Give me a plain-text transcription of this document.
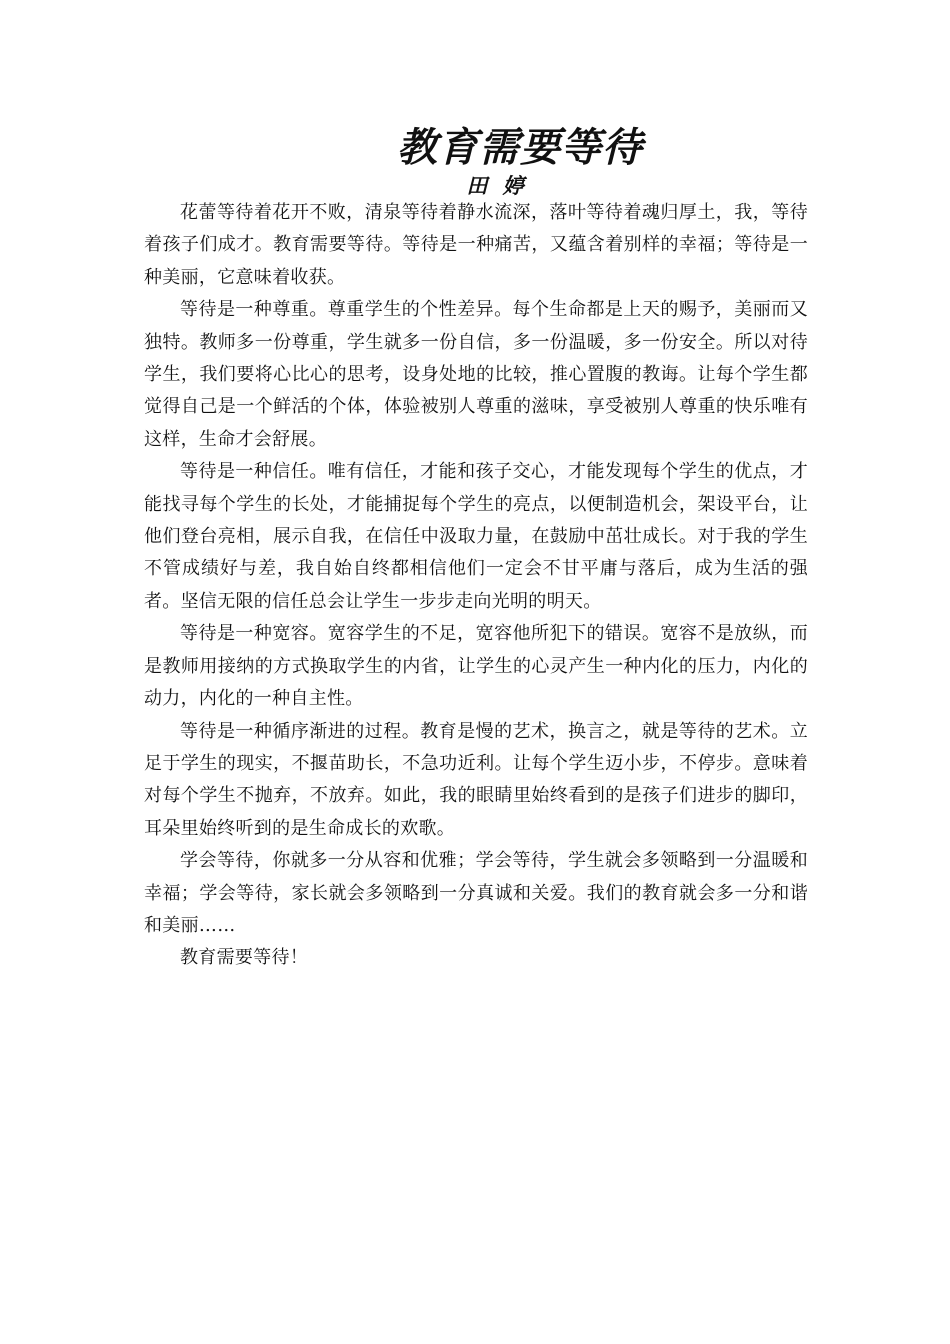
教育需要等待
田 婷

花蕾等待着花开不败，清泉等待着静水流深，落叶等待着魂归厚土，我，等待着孩子们成才。教育需要等待。等待是一种痛苦，又蕴含着别样的幸福；等待是一种美丽，它意味着收获。

等待是一种尊重。尊重学生的个性差异。每个生命都是上天的赐予，美丽而又独特。教师多一份尊重，学生就多一份自信，多一份温暖，多一份安全。所以对待学生，我们要将心比心的思考，设身处地的比较，推心置腹的教诲。让每个学生都觉得自己是一个鲜活的个体，体验被别人尊重的滋味，享受被别人尊重的快乐唯有这样，生命才会舒展。

等待是一种信任。唯有信任，才能和孩子交心，才能发现每个学生的优点，才能找寻每个学生的长处，才能捕捉每个学生的亮点，以便制造机会，架设平台，让他们登台亮相，展示自我，在信任中汲取力量，在鼓励中茁壮成长。对于我的学生不管成绩好与差，我自始自终都相信他们一定会不甘平庸与落后，成为生活的强者。坚信无限的信任总会让学生一步步走向光明的明天。

等待是一种宽容。宽容学生的不足，宽容他所犯下的错误。宽容不是放纵，而是教师用接纳的方式换取学生的内省，让学生的心灵产生一种内化的压力，内化的动力，内化的一种自主性。

等待是一种循序渐进的过程。教育是慢的艺术，换言之，就是等待的艺术。立足于学生的现实，不揠苗助长，不急功近利。让每个学生迈小步，不停步。意味着对每个学生不抛弃，不放弃。如此，我的眼睛里始终看到的是孩子们进步的脚印，耳朵里始终听到的是生命成长的欢歌。

学会等待，你就多一分从容和优雅；学会等待，学生就会多领略到一分温暖和幸福；学会等待，家长就会多领略到一分真诚和关爱。我们的教育就会多一分和谐和美丽……

教育需要等待！
